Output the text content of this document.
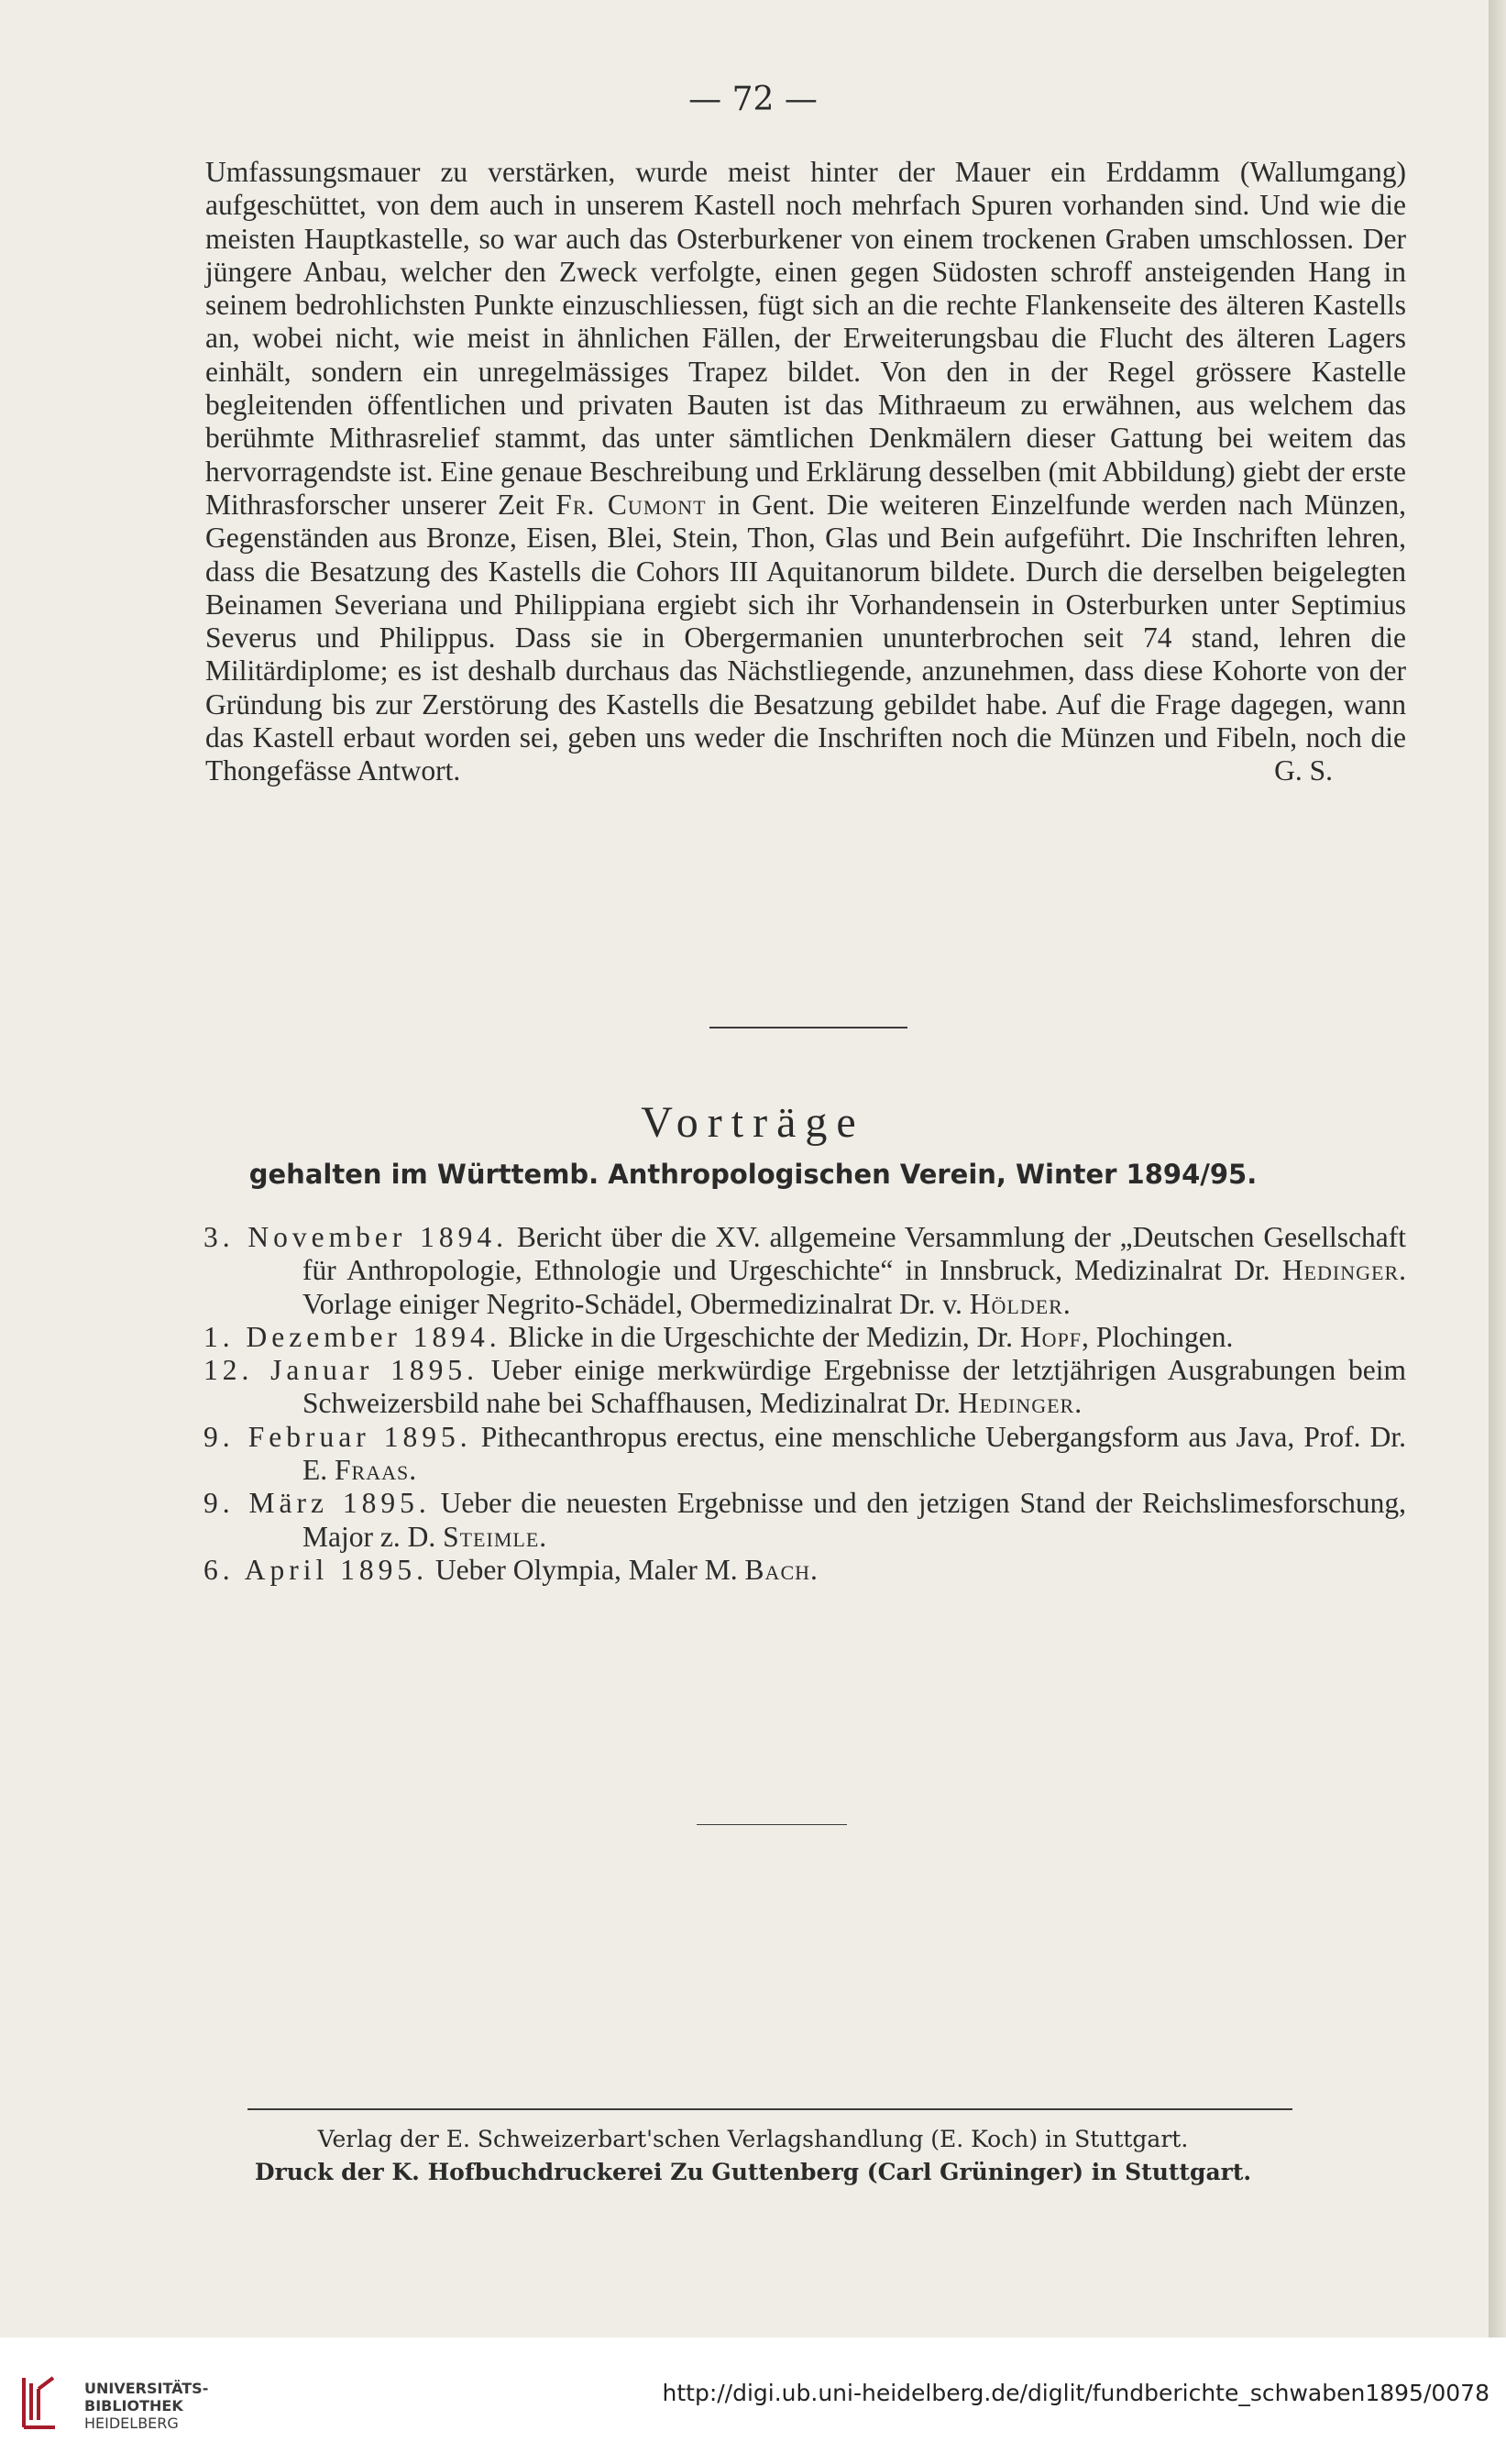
— 72 —

Umfassungsmauer zu verstärken, wurde meist hinter der Mauer ein Erddamm (Wallumgang) aufgeschüttet, von dem auch in unserem Kastell noch mehrfach Spuren vorhanden sind. Und wie die meisten Hauptkastelle, so war auch das Osterburkener von einem trockenen Graben umschlossen. Der jüngere Anbau, welcher den Zweck verfolgte, einen gegen Südosten schroff ansteigenden Hang in seinem bedrohlichsten Punkte einzuschliessen, fügt sich an die rechte Flankenseite des älteren Kastells an, wobei nicht, wie meist in ähnlichen Fällen, der Erweiterungsbau die Flucht des älteren Lagers einhält, sondern ein unregelmässiges Trapez bildet. Von den in der Regel grössere Kastelle begleitenden öffentlichen und privaten Bauten ist das Mithraeum zu erwähnen, aus welchem das berühmte Mithrasrelief stammt, das unter sämtlichen Denkmälern dieser Gattung bei weitem das hervorragendste ist. Eine genaue Beschreibung und Erklärung desselben (mit Abbildung) giebt der erste Mithrasforscher unserer Zeit Fr. Cumont in Gent. Die weiteren Einzelfunde werden nach Münzen, Gegenständen aus Bronze, Eisen, Blei, Stein, Thon, Glas und Bein aufgeführt. Die Inschriften lehren, dass die Besatzung des Kastells die Cohors III Aquitanorum bildete. Durch die derselben beigelegten Beinamen Severiana und Philippiana ergiebt sich ihr Vorhandensein in Osterburken unter Septimius Severus und Philippus. Dass sie in Obergermanien ununterbrochen seit 74 stand, lehren die Militärdiplome; es ist deshalb durchaus das Nächstliegende, anzunehmen, dass diese Kohorte von der Gründung bis zur Zerstörung des Kastells die Besatzung gebildet habe. Auf die Frage dagegen, wann das Kastell erbaut worden sei, geben uns weder die Inschriften noch die Münzen und Fibeln, noch die Thongefässe Antwort.	G. S.

Vorträge
gehalten im Württemb. Anthropologischen Verein, Winter 1894/95.
3. November 1894. Bericht über die XV. allgemeine Versammlung der „Deutschen Gesellschaft für Anthropologie, Ethnologie und Urgeschichte“ in Innsbruck, Medizinalrat Dr. Hedinger. Vorlage einiger Negrito-Schädel, Obermedizinalrat Dr. v. Hölder.
1. Dezember 1894. Blicke in die Urgeschichte der Medizin, Dr. Hopf, Plochingen.
12. Januar 1895. Ueber einige merkwürdige Ergebnisse der letztjährigen Ausgrabungen beim Schweizersbild nahe bei Schaffhausen, Medizinalrat Dr. Hedinger.
9. Februar 1895. Pithecanthropus erectus, eine menschliche Uebergangsform aus Java, Prof. Dr. E. Fraas.
9. März 1895. Ueber die neuesten Ergebnisse und den jetzigen Stand der Reichslimesforschung, Major z. D. Steimle.
6. April 1895. Ueber Olympia, Maler M. Bach.
Verlag der E. Schweizerbart'schen Verlagshandlung (E. Koch) in Stuttgart.
Druck der K. Hofbuchdruckerei Zu Guttenberg (Carl Grüninger) in Stuttgart.
UNIVERSITÄTS-
BIBLIOTHEK
HEIDELBERG
http://digi.ub.uni-heidelberg.de/diglit/fundberichte_schwaben1895/0078
